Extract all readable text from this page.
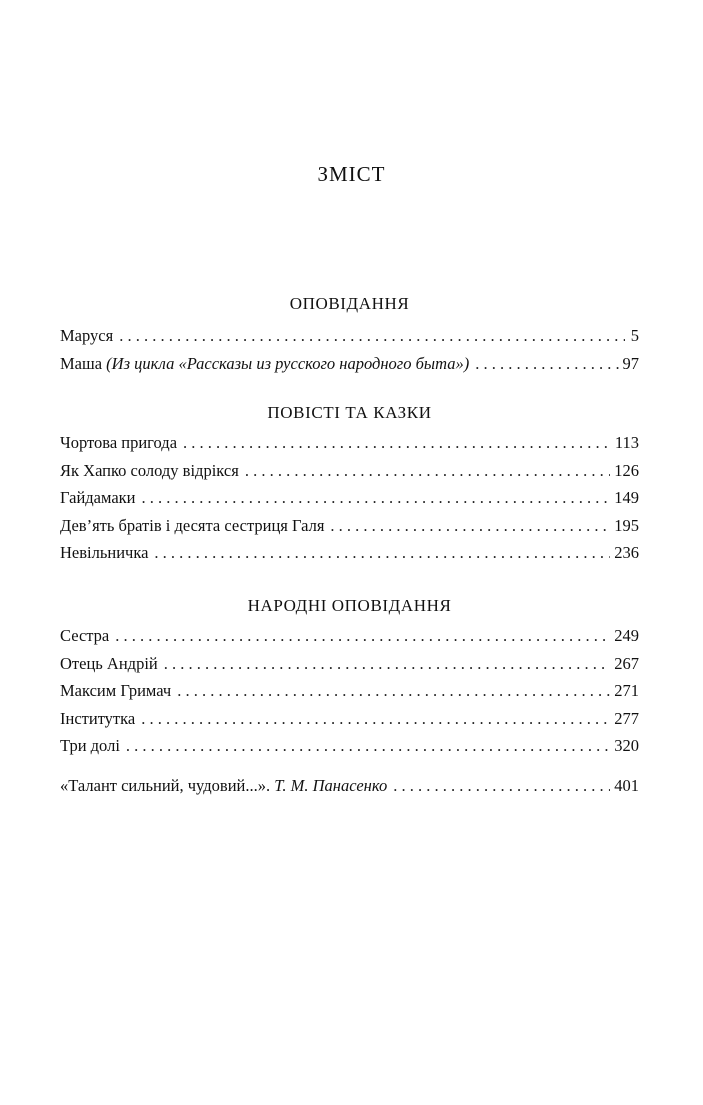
ЗМІСТ
ОПОВІДАННЯ
Маруся . . .	5
Маша (Из цикла «Рассказы из русского народного быта») . . .	97
ПОВІСТІ ТА КАЗКИ
Чортова пригода . . .	113
Як Хапко солоду відрікся . . .	126
Гайдамаки . . .	149
Дев’ять братів і десята сестриця Галя . . .	195
Невільничка . . .	236
НАРОДНІ ОПОВІДАННЯ
Сестра . . .	249
Отець Андрій . . .	267
Максим Гримач . . .	271
Інститутка . . .	277
Три долі . . .	320
«Талант сильний, чудовий...». Т. М. Панасенко . . .	401
